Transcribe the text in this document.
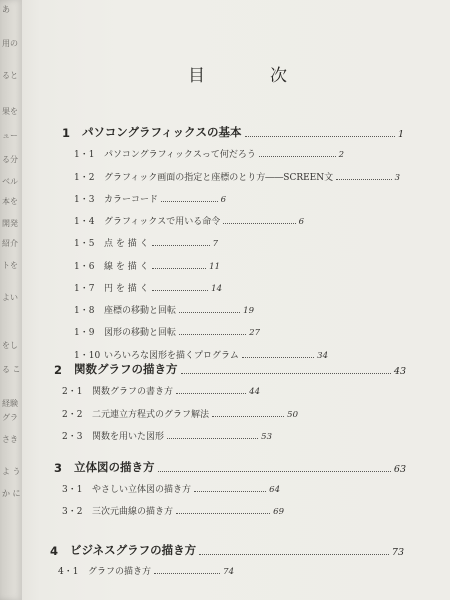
あ
用の
ると
果を
ュー
る分
ベル
本を
開発
紹介
トを
よい
をし
る こ
経験
グラ
さき
よ う
か に
目	次
1	パソコングラフィックスの基本	1
1・1	パソコングラフィックスって何だろう	2
1・2	グラフィック画面の指定と座標のとり方――SCREEN文	3
1・3	カラーコード	6
1・4	グラフィックスで用いる命令	6
1・5	点 を 描 く	7
1・6	線 を 描 く	11
1・7	円 を 描 く	14
1・8	座標の移動と回転	19
1・9	図形の移動と回転	27
1・10 いろいろな図形を描くプログラム	34
2	関数グラフの描き方	43
2・1	関数グラフの書き方	44
2・2	二元連立方程式のグラフ解法	50
2・3	関数を用いた図形	53
3	立体図の描き方	63
3・1	やさしい立体図の描き方	64
3・2	三次元曲線の描き方	69
4	ビジネスグラフの描き方	73
4・1	グラフの描き方	74
